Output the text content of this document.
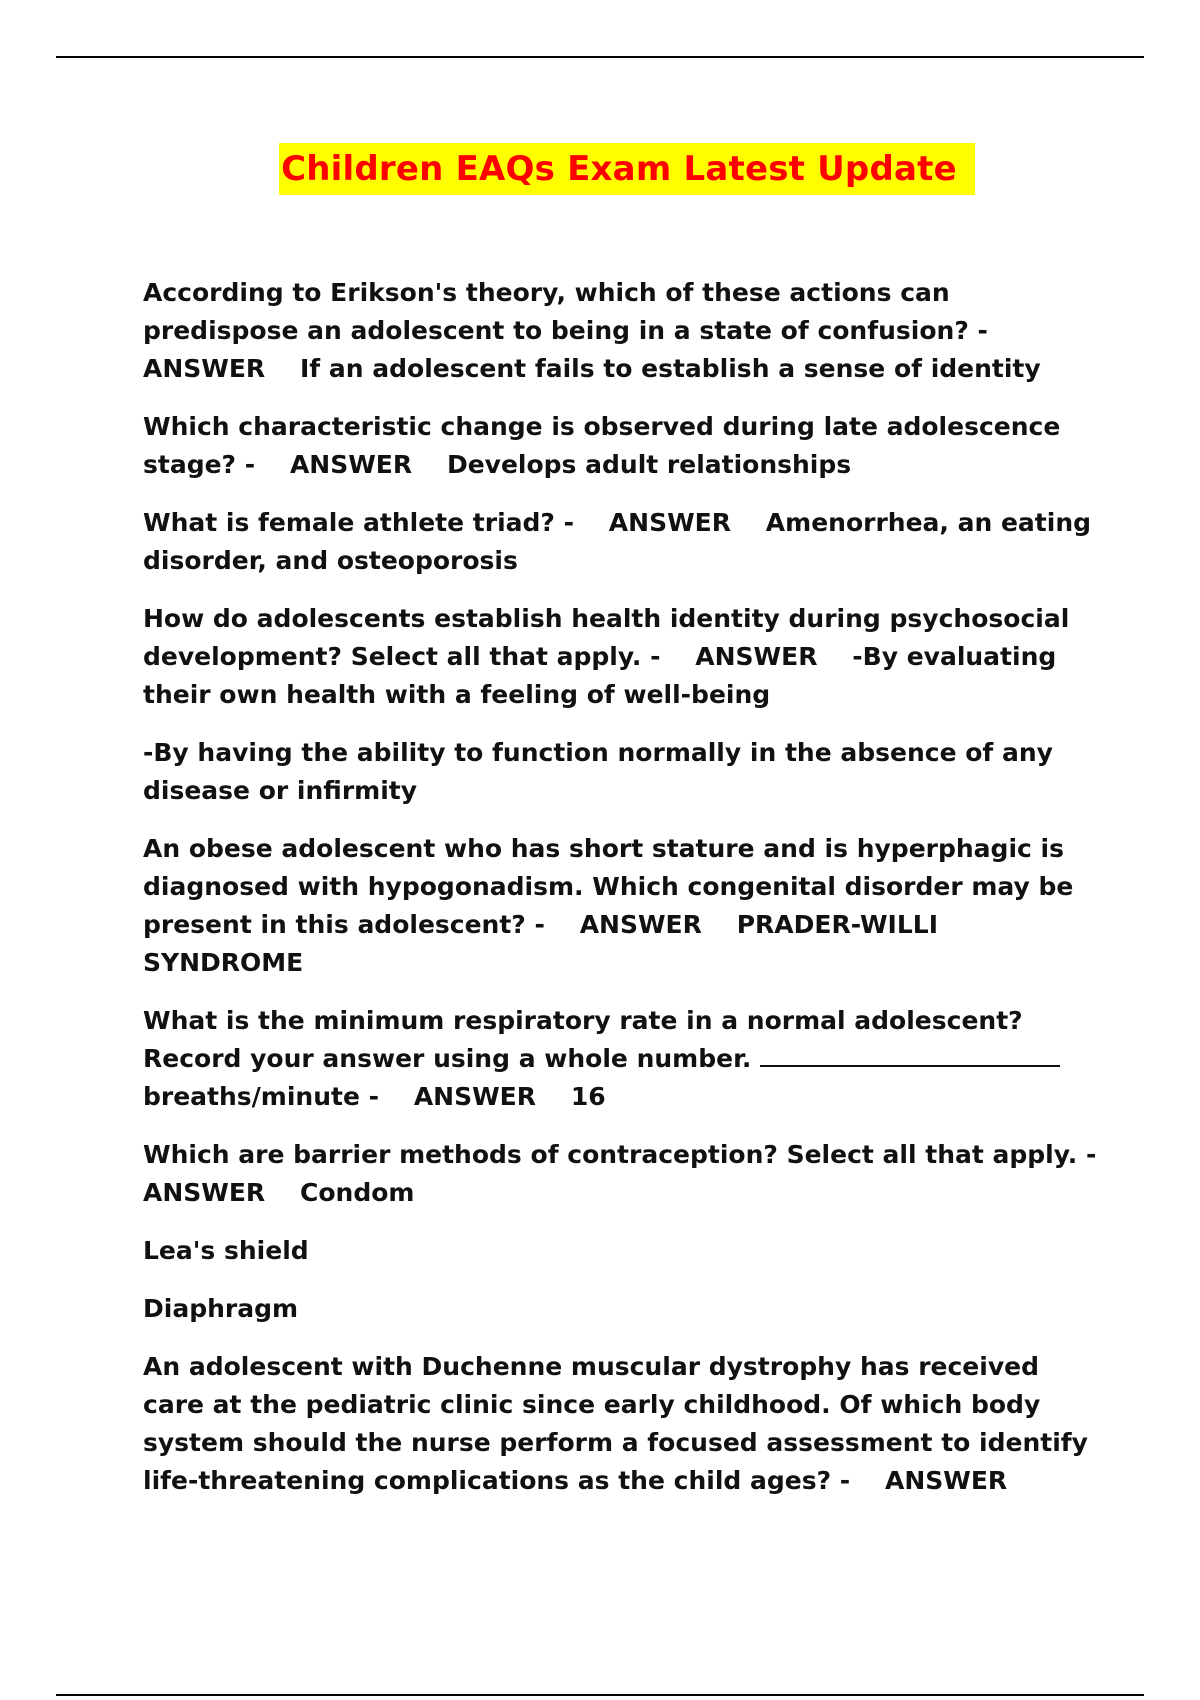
Children EAQs Exam Latest Update

According to Erikson's theory, which of these actions can predispose an adolescent to being in a state of confusion? -    ANSWER    If an adolescent fails to establish a sense of identity

Which characteristic change is observed during late adolescence stage? -    ANSWER    Develops adult relationships

What is female athlete triad? -    ANSWER    Amenorrhea, an eating disorder, and osteoporosis

How do adolescents establish health identity during psychosocial development? Select all that apply. -    ANSWER    -By evaluating their own health with a feeling of well-being

-By having the ability to function normally in the absence of any disease or infirmity

An obese adolescent who has short stature and is hyperphagic is diagnosed with hypogonadism. Which congenital disorder may be present in this adolescent? -    ANSWER    PRADER-WILLI SYNDROME

What is the minimum respiratory rate in a normal adolescent? Record your answer using a whole number.  breaths/minute -    ANSWER    16

Which are barrier methods of contraception? Select all that apply. -    ANSWER    Condom

Lea's shield

Diaphragm

An adolescent with Duchenne muscular dystrophy has received care at the pediatric clinic since early childhood. Of which body system should the nurse perform a focused assessment to identify life-threatening complications as the child ages? -    ANSWER
